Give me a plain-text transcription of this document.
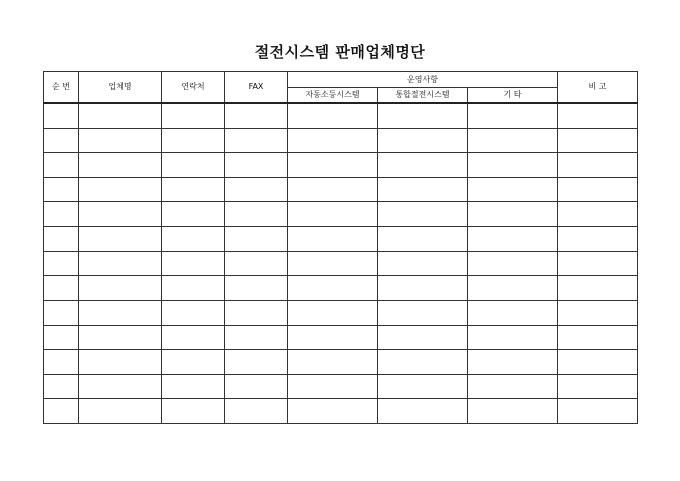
절전시스템 판매업체명단
순 번	업체명	연락처	FAX	운영사항			비 고
				자동소등시스템	통합절전시스템	기 타	
